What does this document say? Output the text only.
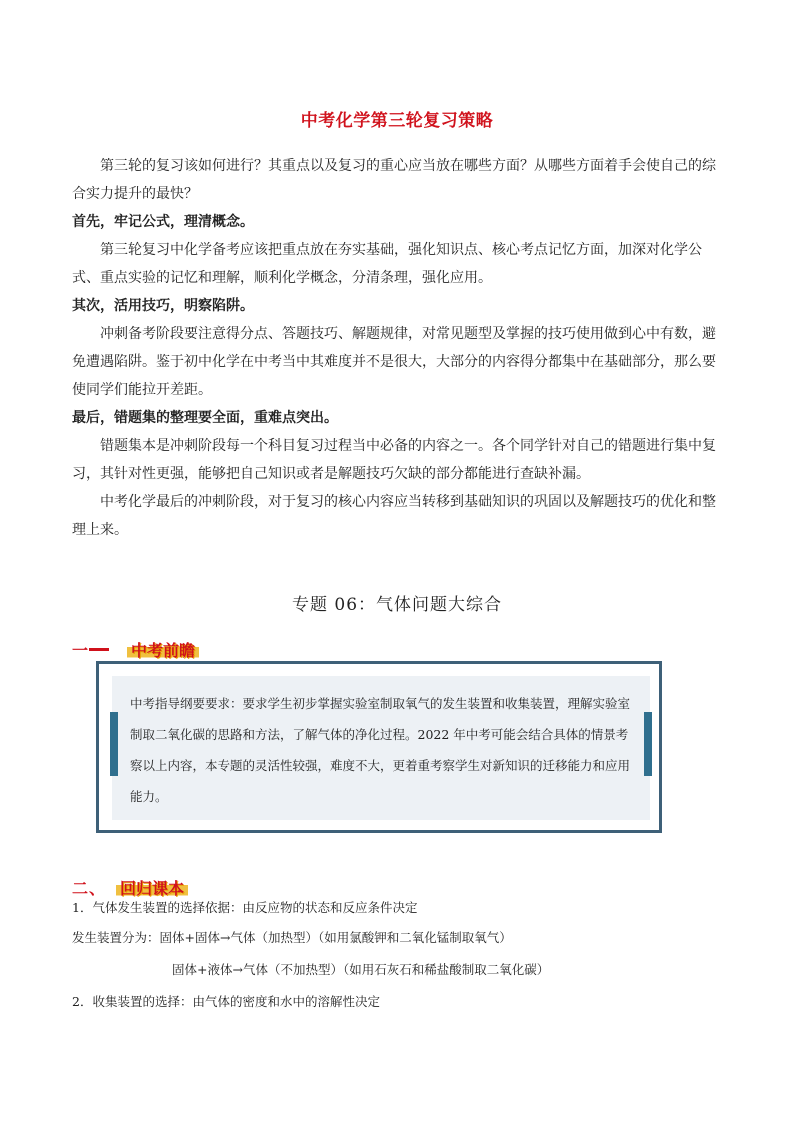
中考化学第三轮复习策略
第三轮的复习该如何进行？其重点以及复习的重心应当放在哪些方面？从哪些方面着手会使自己的综合实力提升的最快？
首先，牢记公式，理清概念。
第三轮复习中化学备考应该把重点放在夯实基础，强化知识点、核心考点记忆方面，加深对化学公式、重点实验的记忆和理解，顺利化学概念，分清条理，强化应用。
其次，活用技巧，明察陷阱。
冲刺备考阶段要注意得分点、答题技巧、解题规律，对常见题型及掌握的技巧使用做到心中有数，避免遭遇陷阱。鉴于初中化学在中考当中其难度并不是很大，大部分的内容得分都集中在基础部分，那么要使同学们能拉开差距。
最后，错题集的整理要全面，重难点突出。
错题集本是冲刺阶段每一个科目复习过程当中必备的内容之一。各个同学针对自己的错题进行集中复习，其针对性更强，能够把自己知识或者是解题技巧欠缺的部分都能进行查缺补漏。
中考化学最后的冲刺阶段，对于复习的核心内容应当转移到基础知识的巩固以及解题技巧的优化和整理上来。
专题 06：气体问题大综合
一	中考前瞻
中考指导纲要要求：要求学生初步掌握实验室制取氧气的发生装置和收集装置，理解实验室制取二氧化碳的思路和方法，了解气体的净化过程。2022 年中考可能会结合具体的情景考察以上内容，本专题的灵活性较强，难度不大，更着重考察学生对新知识的迁移能力和应用能力。
二、 回归课本
1．气体发生装置的选择依据：由反应物的状态和反应条件决定
发生装置分为：固体+固体→气体（加热型）（如用氯酸钾和二氧化锰制取氧气）
固体+液体→气体（不加热型）（如用石灰石和稀盐酸制取二氧化碳）
2．收集装置的选择：由气体的密度和水中的溶解性决定
